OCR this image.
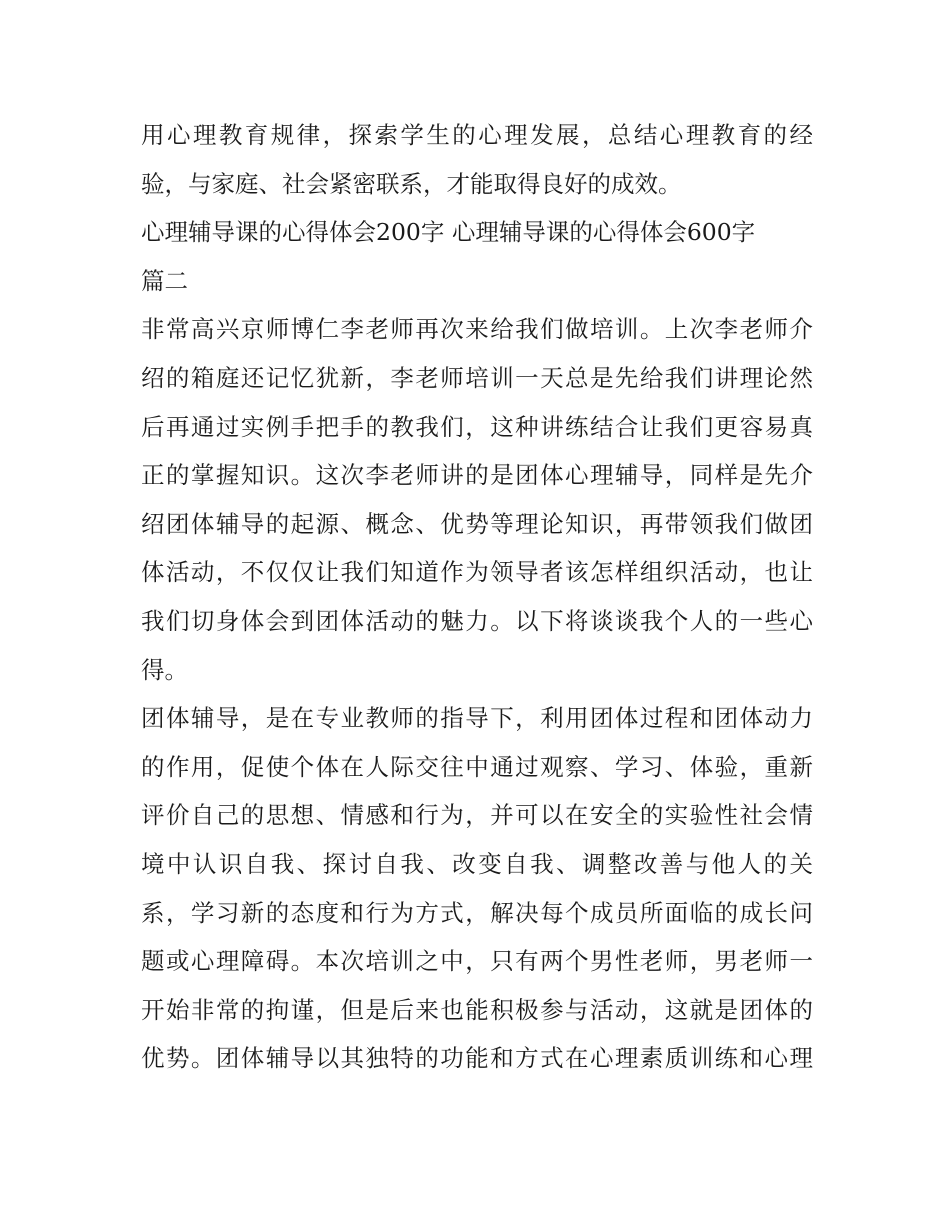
用心理教育规律，探索学生的心理发展，总结心理教育的经
验，与家庭、社会紧密联系，才能取得良好的成效。

心理辅导课的心得体会200字 心理辅导课的心得体会600字
篇二

非常高兴京师博仁李老师再次来给我们做培训。上次李老师介
绍的箱庭还记忆犹新，李老师培训一天总是先给我们讲理论然
后再通过实例手把手的教我们，这种讲练结合让我们更容易真
正的掌握知识。这次李老师讲的是团体心理辅导，同样是先介
绍团体辅导的起源、概念、优势等理论知识，再带领我们做团
体活动，不仅仅让我们知道作为领导者该怎样组织活动，也让
我们切身体会到团体活动的魅力。以下将谈谈我个人的一些心
得。

团体辅导，是在专业教师的指导下，利用团体过程和团体动力
的作用，促使个体在人际交往中通过观察、学习、体验，重新
评价自己的思想、情感和行为，并可以在安全的实验性社会情
境中认识自我、探讨自我、改变自我、调整改善与他人的关
系，学习新的态度和行为方式，解决每个成员所面临的成长问
题或心理障碍。本次培训之中，只有两个男性老师，男老师一
开始非常的拘谨，但是后来也能积极参与活动，这就是团体的
优势。团体辅导以其独特的功能和方式在心理素质训练和心理
